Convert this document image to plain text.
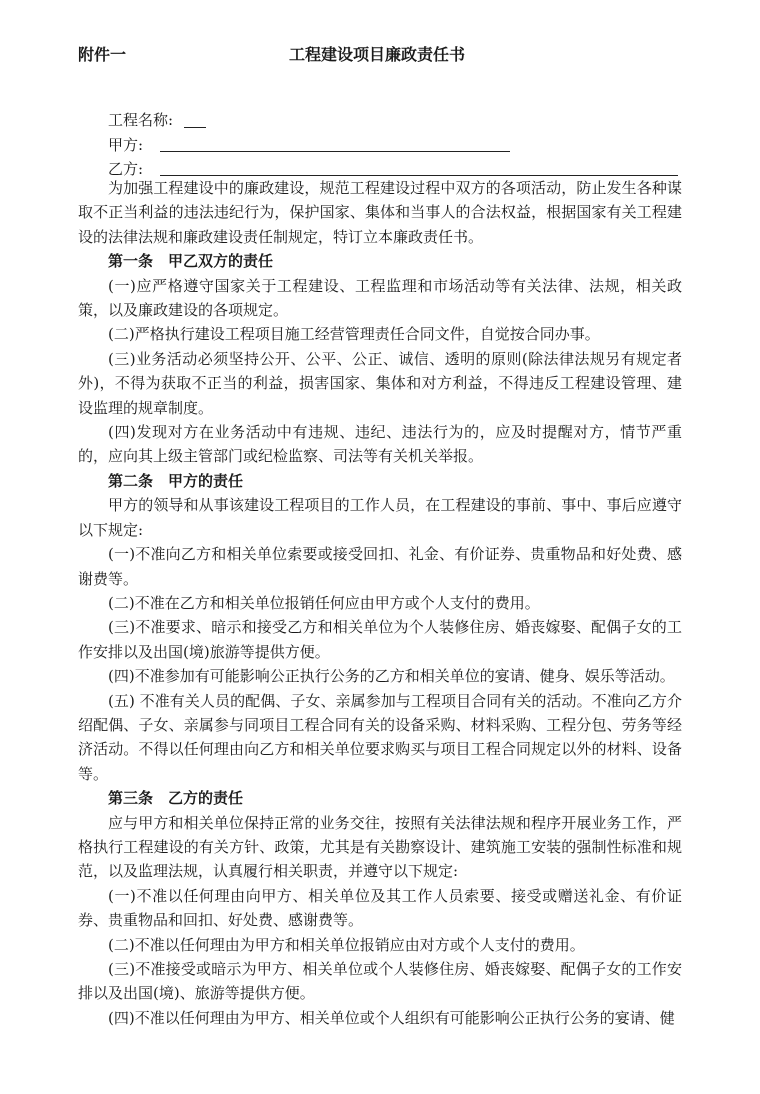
附件一	工程建设项目廉政责任书
工程名称:
甲方:
乙方:

为加强工程建设中的廉政建设，规范工程建设过程中双方的各项活动，防止发生各种谋取不正当利益的违法违纪行为，保护国家、集体和当事人的合法权益，根据国家有关工程建设的法律法规和廉政建设责任制规定，特订立本廉政责任书。

第一条　甲乙双方的责任

(一)应严格遵守国家关于工程建设、工程监理和市场活动等有关法律、法规，相关政策，以及廉政建设的各项规定。

(二)严格执行建设工程项目施工经营管理责任合同文件，自觉按合同办事。

(三)业务活动必须坚持公开、公平、公正、诚信、透明的原则(除法律法规另有规定者外)，不得为获取不正当的利益，损害国家、集体和对方利益，不得违反工程建设管理、建设监理的规章制度。

(四)发现对方在业务活动中有违规、违纪、违法行为的，应及时提醒对方，情节严重的，应向其上级主管部门或纪检监察、司法等有关机关举报。

第二条　甲方的责任

甲方的领导和从事该建设工程项目的工作人员，在工程建设的事前、事中、事后应遵守以下规定:

(一)不准向乙方和相关单位索要或接受回扣、礼金、有价证券、贵重物品和好处费、感谢费等。

(二)不准在乙方和相关单位报销任何应由甲方或个人支付的费用。

(三)不准要求、暗示和接受乙方和相关单位为个人装修住房、婚丧嫁娶、配偶子女的工作安排以及出国(境)旅游等提供方便。

(四)不准参加有可能影响公正执行公务的乙方和相关单位的宴请、健身、娱乐等活动。

(五) 不准有关人员的配偶、子女、亲属参加与工程项目合同有关的活动。不准向乙方介绍配偶、子女、亲属参与同项目工程合同有关的设备采购、材料采购、工程分包、劳务等经济活动。不得以任何理由向乙方和相关单位要求购买与项目工程合同规定以外的材料、设备等。

第三条　乙方的责任

应与甲方和相关单位保持正常的业务交往，按照有关法律法规和程序开展业务工作，严格执行工程建设的有关方针、政策，尤其是有关勘察设计、建筑施工安装的强制性标准和规范，以及监理法规，认真履行相关职责，并遵守以下规定:

(一)不准以任何理由向甲方、相关单位及其工作人员索要、接受或赠送礼金、有价证券、贵重物品和回扣、好处费、感谢费等。

(二)不准以任何理由为甲方和相关单位报销应由对方或个人支付的费用。

(三)不准接受或暗示为甲方、相关单位或个人装修住房、婚丧嫁娶、配偶子女的工作安排以及出国(境)、旅游等提供方便。

(四)不准以任何理由为甲方、相关单位或个人组织有可能影响公正执行公务的宴请、健
